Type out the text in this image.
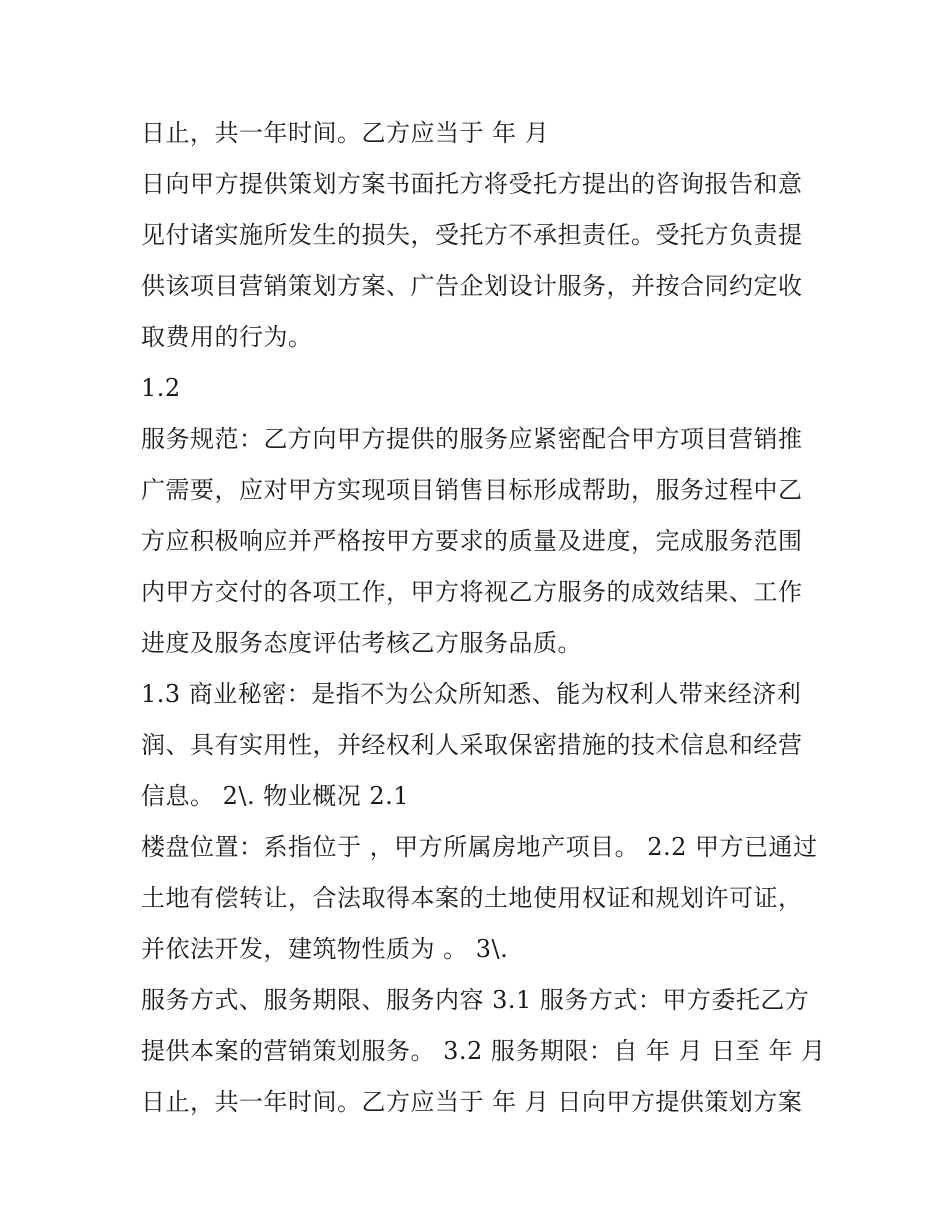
日止，共一年时间。乙方应当于 年 月
日向甲方提供策划方案书面托方将受托方提出的咨询报告和意
见付诸实施所发生的损失，受托方不承担责任。受托方负责提
供该项目营销策划方案、广告企划设计服务，并按合同约定收
取费用的行为。
1.2
服务规范：乙方向甲方提供的服务应紧密配合甲方项目营销推
广需要，应对甲方实现项目销售目标形成帮助，服务过程中乙
方应积极响应并严格按甲方要求的质量及进度，完成服务范围
内甲方交付的各项工作，甲方将视乙方服务的成效结果、工作
进度及服务态度评估考核乙方服务品质。
1.3 商业秘密：是指不为公众所知悉、能为权利人带来经济利
润、具有实用性，并经权利人采取保密措施的技术信息和经营
信息。 2\. 物业概况 2.1
楼盘位置：系指位于 ，甲方所属房地产项目。 2.2 甲方已通过
土地有偿转让，合法取得本案的土地使用权证和规划许可证，
并依法开发，建筑物性质为 。 3\.
服务方式、服务期限、服务内容 3.1 服务方式：甲方委托乙方
提供本案的营销策划服务。 3.2 服务期限：自 年 月 日至 年 月
日止，共一年时间。乙方应当于 年 月 日向甲方提供策划方案
